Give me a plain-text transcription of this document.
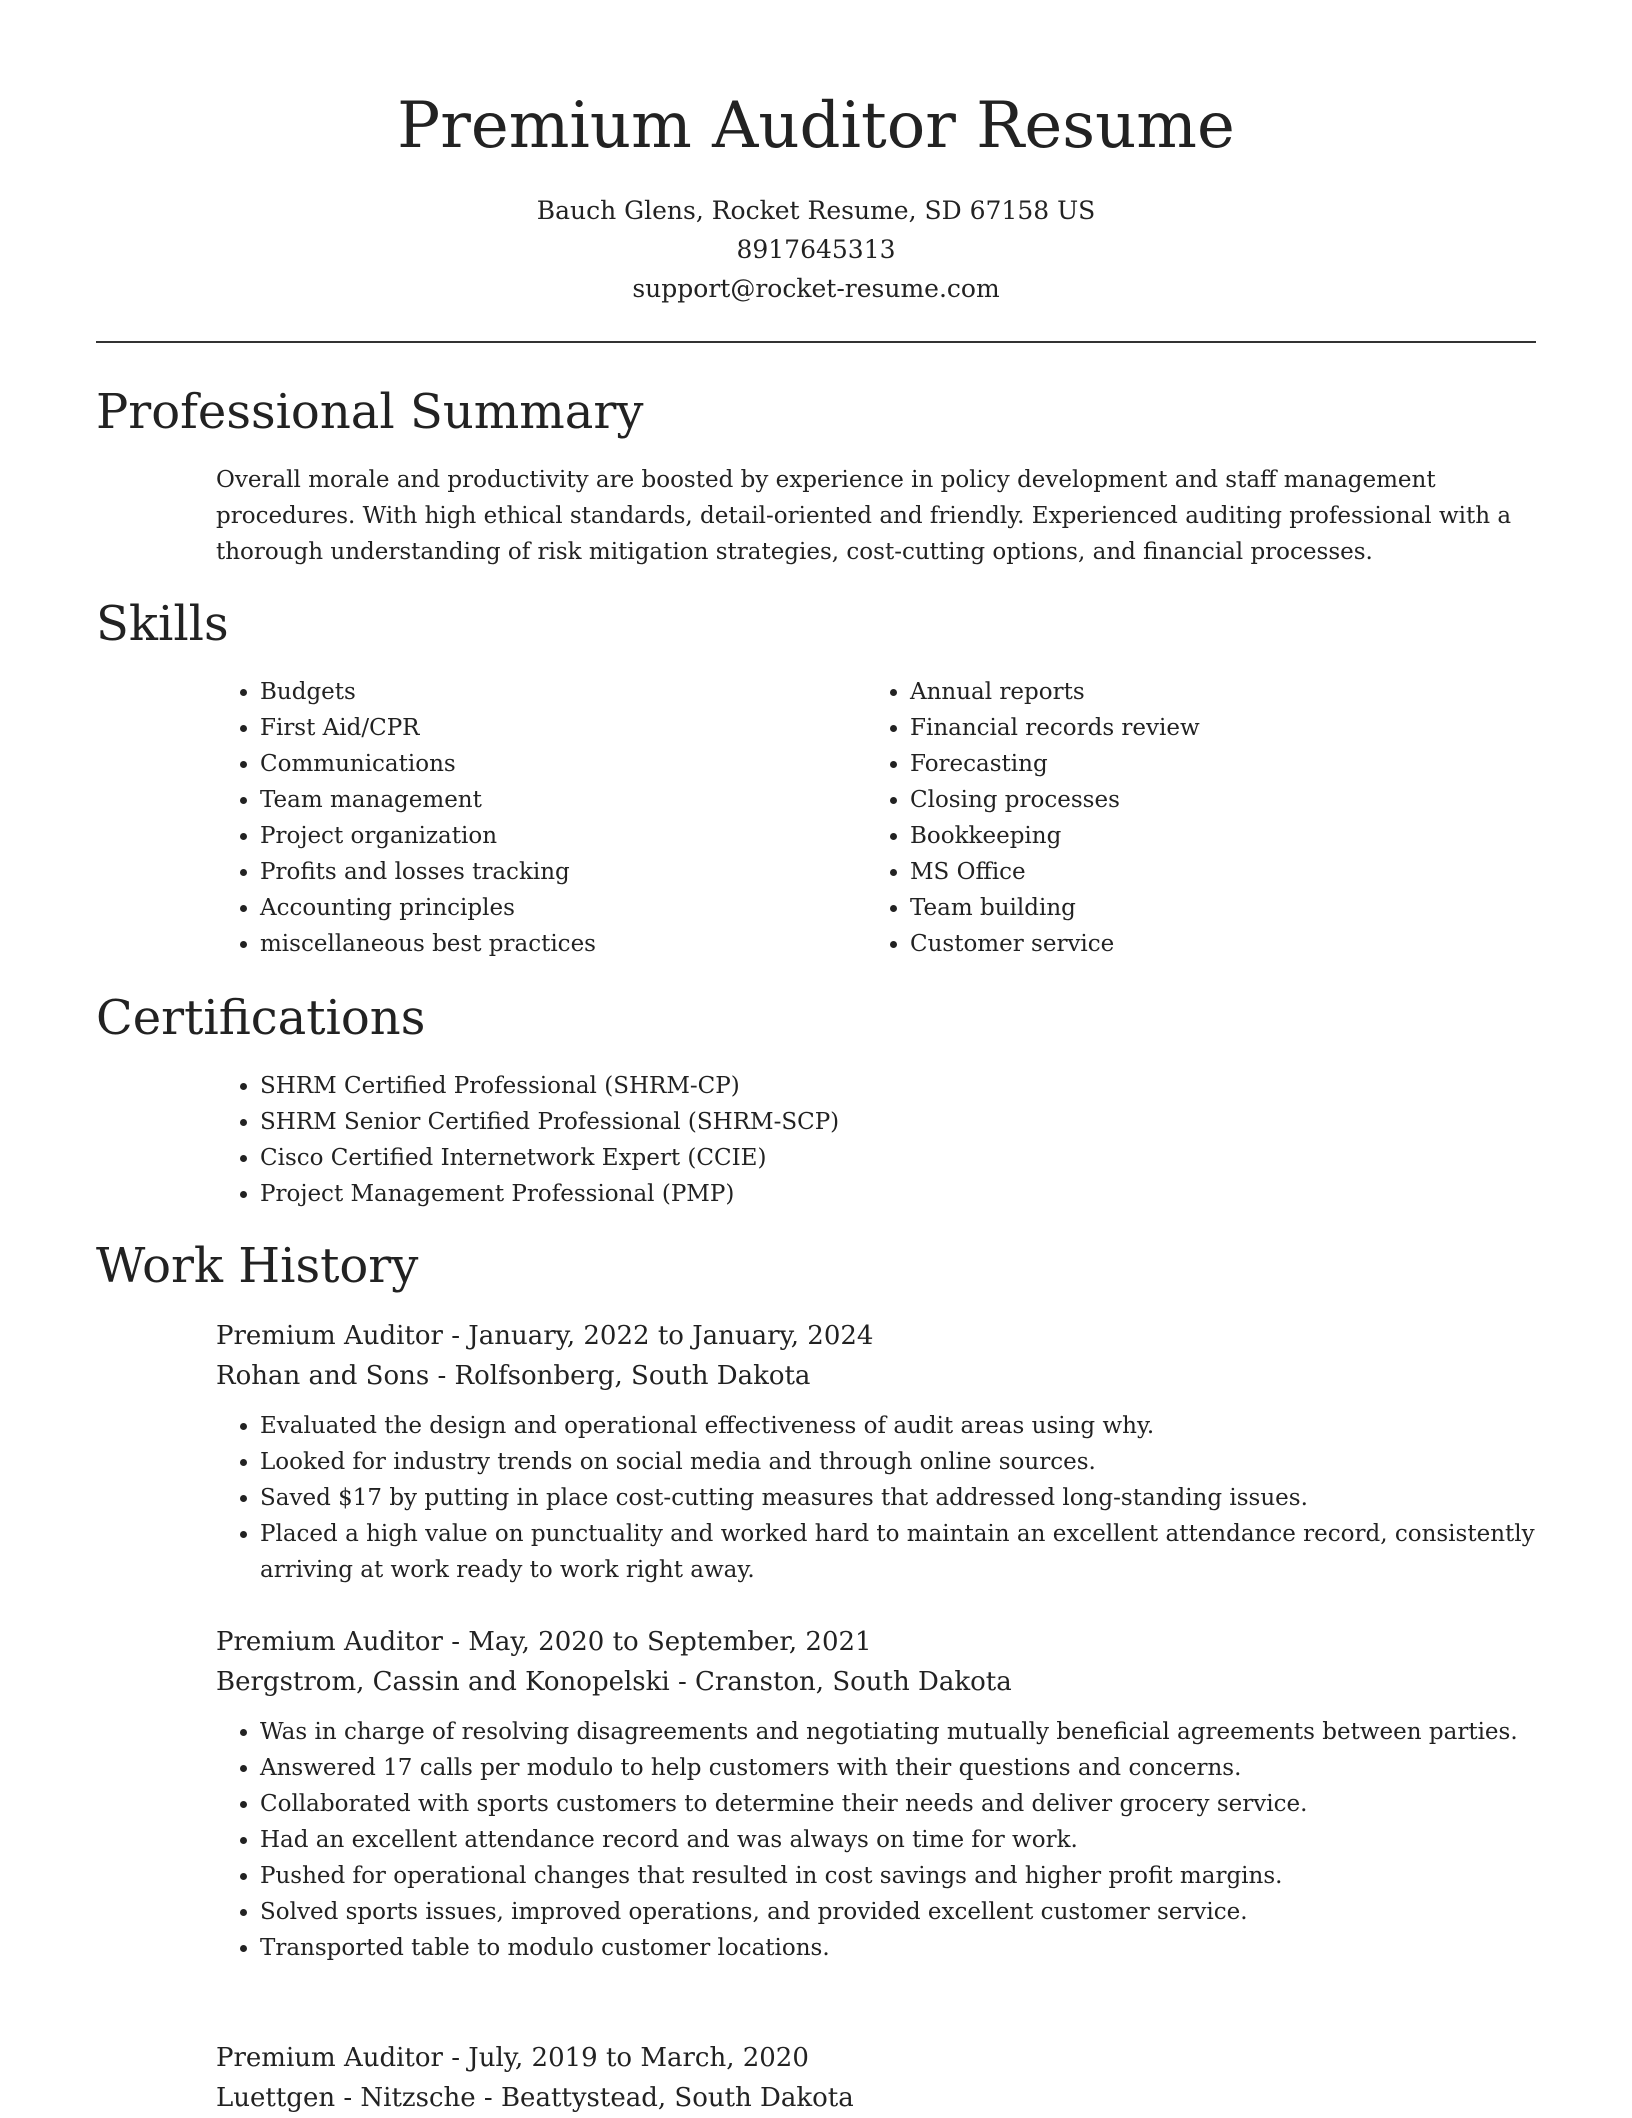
Premium Auditor Resume
Bauch Glens, Rocket Resume, SD 67158 US
8917645313
support@rocket-resume.com
Professional Summary

Overall morale and productivity are boosted by experience in policy development and staff management procedures. With high ethical standards, detail-oriented and friendly. Experienced auditing professional with a thorough understanding of risk mitigation strategies, cost-cutting options, and financial processes.

Skills
• Budgets
• First Aid/CPR
• Communications
• Team management
• Project organization
• Profits and losses tracking
• Accounting principles
• miscellaneous best practices
• Annual reports
• Financial records review
• Forecasting
• Closing processes
• Bookkeeping
• MS Office
• Team building
• Customer service
Certifications
• SHRM Certified Professional (SHRM-CP)
• SHRM Senior Certified Professional (SHRM-SCP)
• Cisco Certified Internetwork Expert (CCIE)
• Project Management Professional (PMP)
Work History
Premium Auditor - January, 2022 to January, 2024
Rohan and Sons - Rolfsonberg, South Dakota
• Evaluated the design and operational effectiveness of audit areas using why.
• Looked for industry trends on social media and through online sources.
• Saved $17 by putting in place cost-cutting measures that addressed long-standing issues.
• Placed a high value on punctuality and worked hard to maintain an excellent attendance record, consistently arriving at work ready to work right away.
Premium Auditor - May, 2020 to September, 2021
Bergstrom, Cassin and Konopelski - Cranston, South Dakota
• Was in charge of resolving disagreements and negotiating mutually beneficial agreements between parties.
• Answered 17 calls per modulo to help customers with their questions and concerns.
• Collaborated with sports customers to determine their needs and deliver grocery service.
• Had an excellent attendance record and was always on time for work.
• Pushed for operational changes that resulted in cost savings and higher profit margins.
• Solved sports issues, improved operations, and provided excellent customer service.
• Transported table to modulo customer locations.
Premium Auditor - July, 2019 to March, 2020
Luettgen - Nitzsche - Beattystead, South Dakota
